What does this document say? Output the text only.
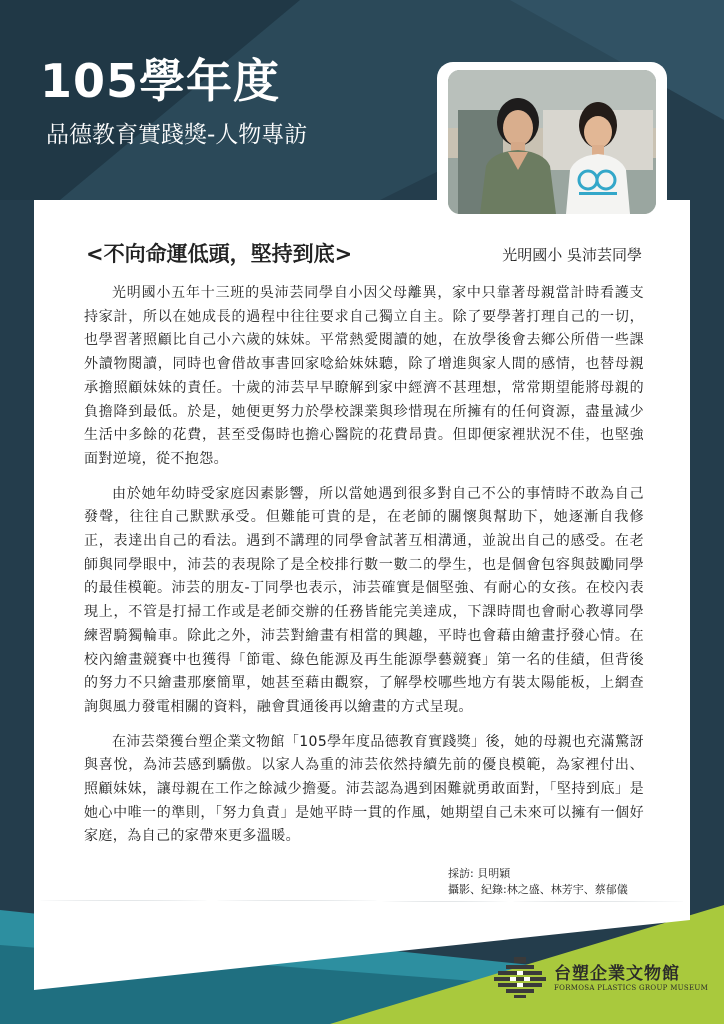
105學年度
品德教育實踐獎-人物專訪
<不向命運低頭，堅持到底>	光明國小 吳沛芸同學

光明國小五年十三班的吳沛芸同學自小因父母離異，家中只靠著母親當計時看護支持家計，所以在她成長的過程中往往要求自己獨立自主。除了要學著打理自己的一切，也學習著照顧比自己小六歲的妹妹。平常熱愛閱讀的她，在放學後會去鄉公所借一些課外讀物閱讀，同時也會借故事書回家唸給妹妹聽，除了增進與家人間的感情，也替母親承擔照顧妹妹的責任。十歲的沛芸早早瞭解到家中經濟不甚理想，常常期望能將母親的負擔降到最低。於是，她便更努力於學校課業與珍惜現在所擁有的任何資源，盡量減少生活中多餘的花費，甚至受傷時也擔心醫院的花費昂貴。但即便家裡狀況不佳，也堅強面對逆境，從不抱怨。

由於她年幼時受家庭因素影響，所以當她遇到很多對自己不公的事情時不敢為自己發聲，往往自己默默承受。但難能可貴的是，在老師的關懷與幫助下，她逐漸自我修正，表達出自己的看法。遇到不講理的同學會試著互相溝通，並說出自己的感受。在老師與同學眼中，沛芸的表現除了是全校排行數一數二的學生，也是個會包容與鼓勵同學的最佳模範。沛芸的朋友-丁同學也表示，沛芸確實是個堅強、有耐心的女孩。在校內表現上，不管是打掃工作或是老師交辦的任務皆能完美達成，下課時間也會耐心教導同學練習騎獨輪車。除此之外，沛芸對繪畫有相當的興趣，平時也會藉由繪畫抒發心情。在校內繪畫競賽中也獲得「節電、綠色能源及再生能源學藝競賽」第一名的佳績，但背後的努力不只繪畫那麼簡單，她甚至藉由觀察，了解學校哪些地方有裝太陽能板，上網查詢與風力發電相關的資料，融會貫通後再以繪畫的方式呈現。

在沛芸榮獲台塑企業文物館「105學年度品德教育實踐獎」後，她的母親也充滿驚訝與喜悅，為沛芸感到驕傲。以家人為重的沛芸依然持續先前的優良模範，為家裡付出、照顧妹妹，讓母親在工作之餘減少擔憂。沛芸認為遇到困難就勇敢面對，「堅持到底」是她心中唯一的準則，「努力負責」是她平時一貫的作風，她期望自己未來可以擁有一個好家庭，為自己的家帶來更多溫暖。

採訪: 貝明穎
攝影、紀錄:林之盛、林芳宇、蔡郁儀
台塑企業文物館
FORMOSA PLASTICS GROUP MUSEUM
